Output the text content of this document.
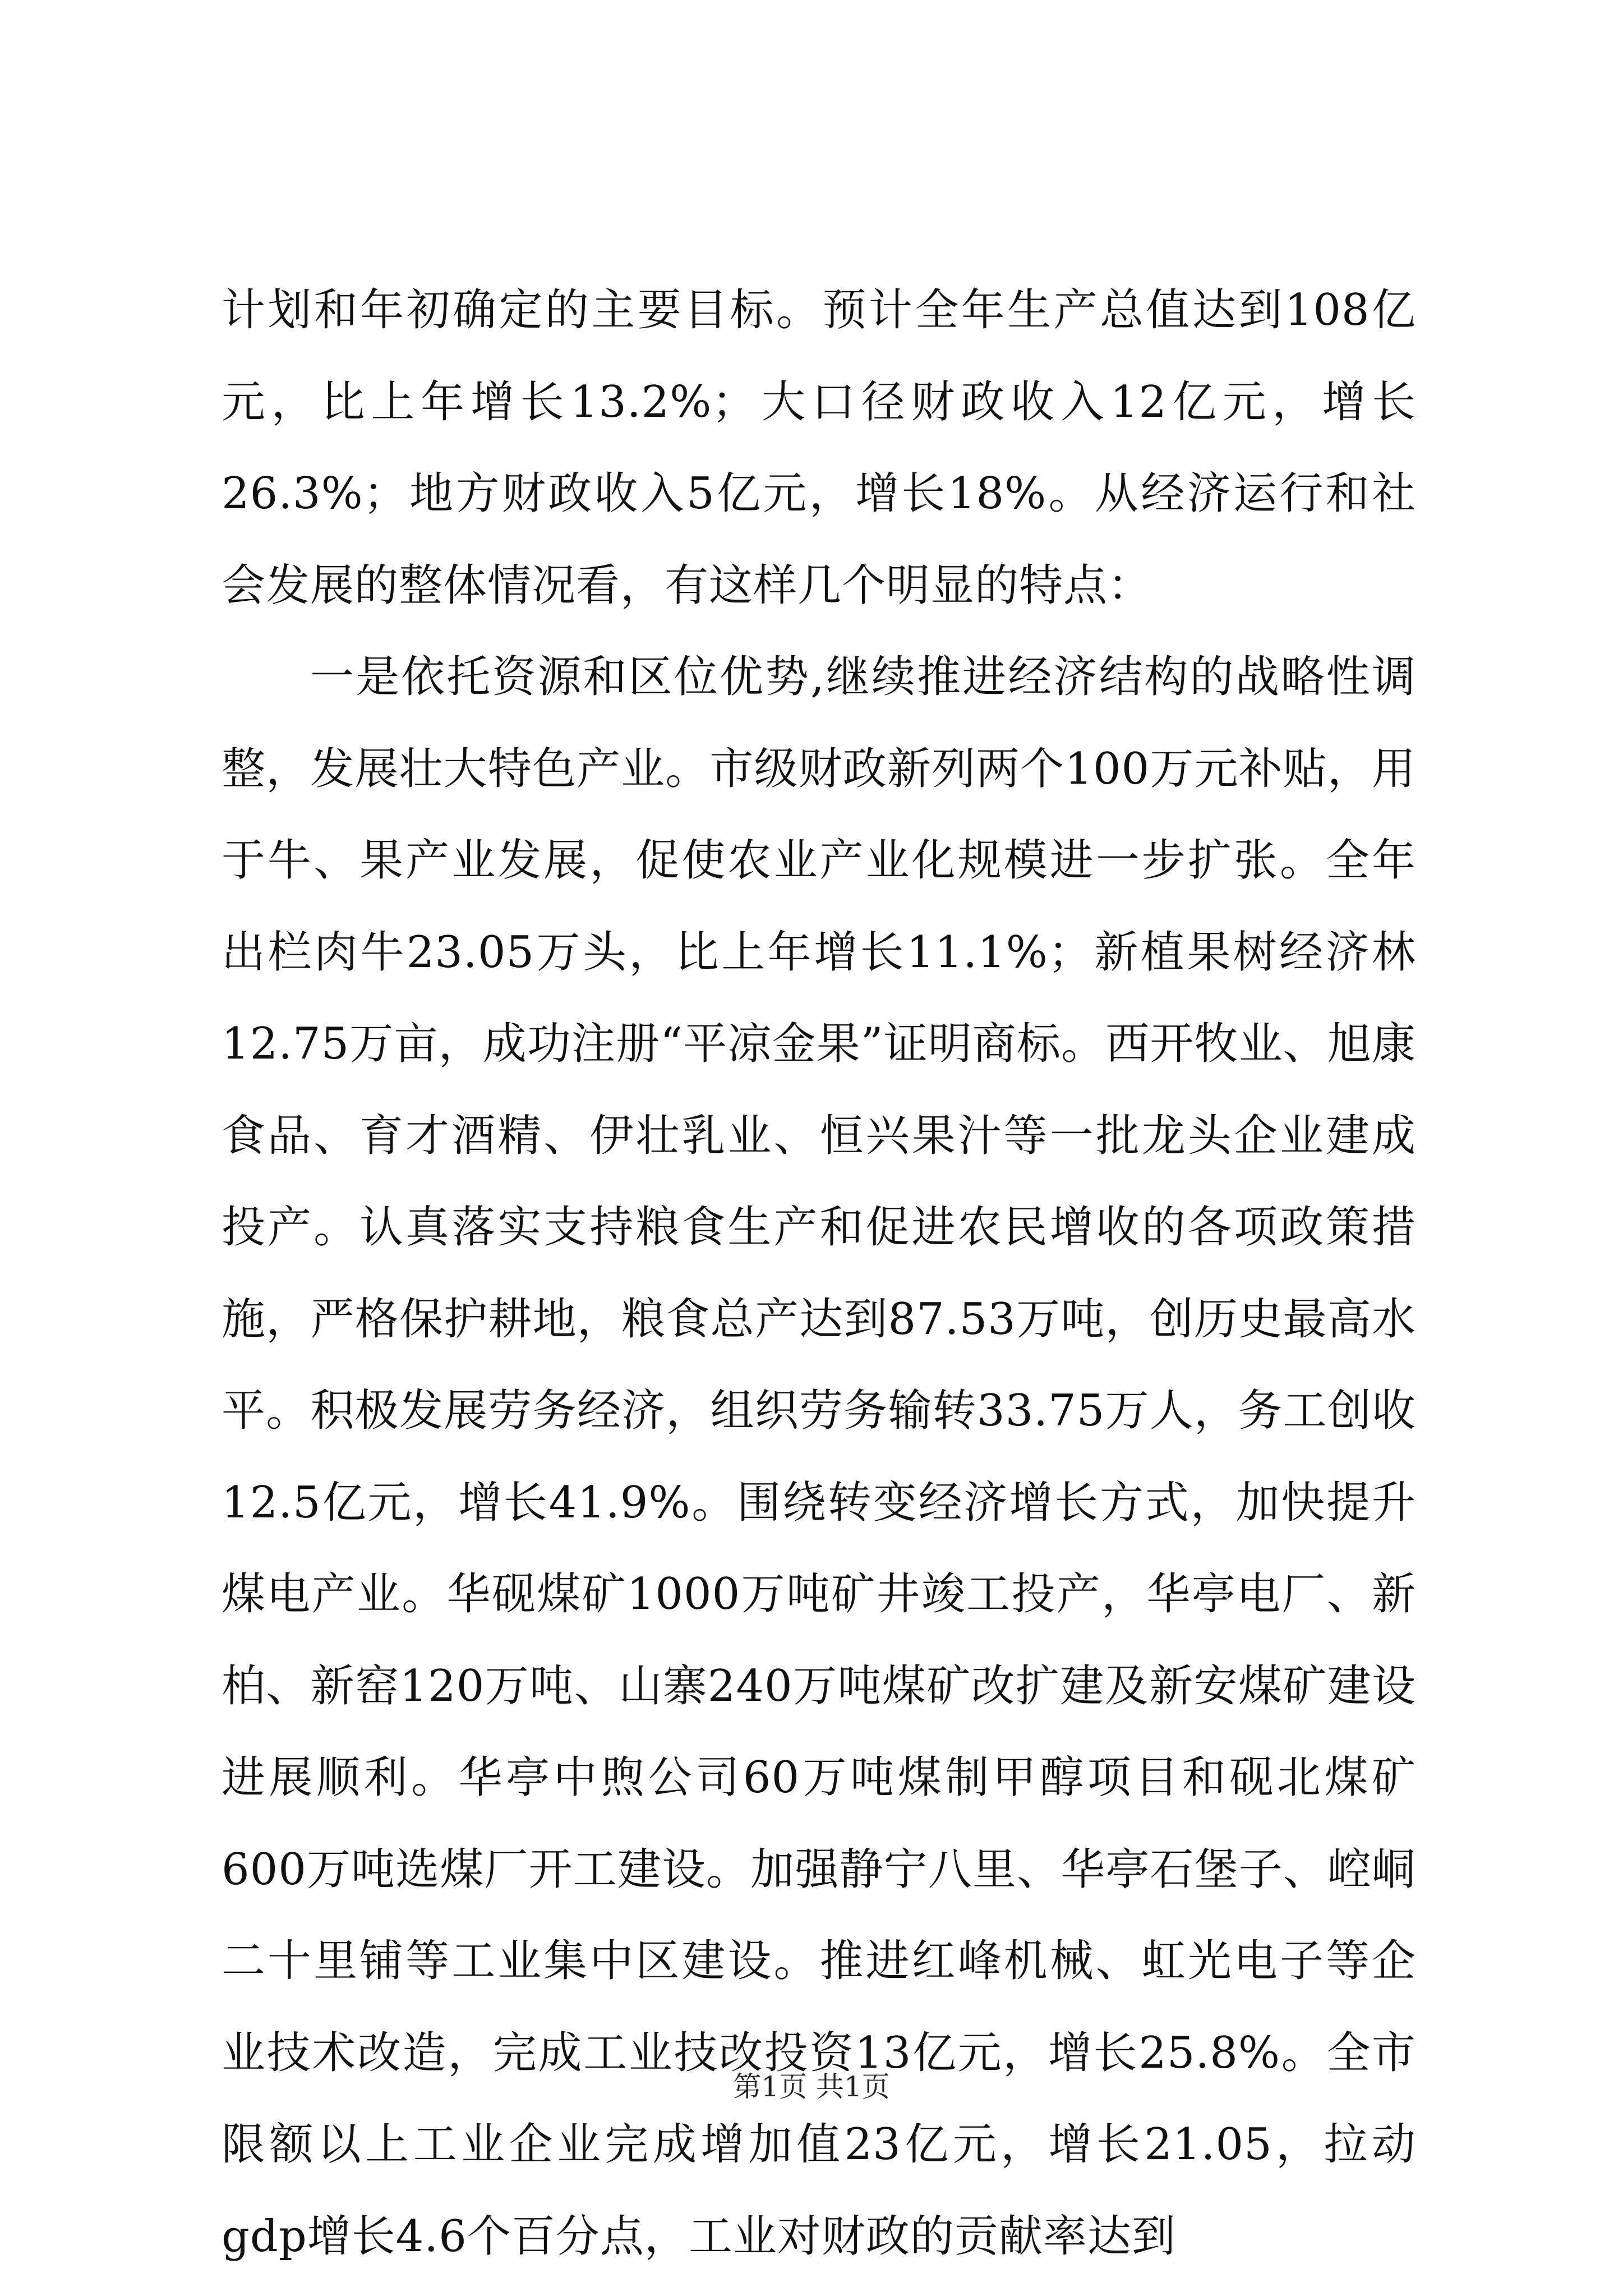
计划和年初确定的主要目标。预计全年生产总值达到108亿元，比上年增长13.2%；大口径财政收入12亿元，增长26.3%；地方财政收入5亿元，增长18%。从经济运行和社会发展的整体情况看，有这样几个明显的特点：

一是依托资源和区位优势,继续推进经济结构的战略性调整，发展壮大特色产业。市级财政新列两个100万元补贴，用于牛、果产业发展，促使农业产业化规模进一步扩张。全年出栏肉牛23.05万头，比上年增长11.1%；新植果树经济林12.75万亩，成功注册“平凉金果”证明商标。西开牧业、旭康食品、育才酒精、伊壮乳业、恒兴果汁等一批龙头企业建成投产。认真落实支持粮食生产和促进农民增收的各项政策措施，严格保护耕地，粮食总产达到87.53万吨，创历史最高水平。积极发展劳务经济，组织劳务输转33.75万人，务工创收12.5亿元，增长41.9%。围绕转变经济增长方式，加快提升煤电产业。华砚煤矿1000万吨矿井竣工投产，华亭电厂、新柏、新窑120万吨、山寨240万吨煤矿改扩建及新安煤矿建设进展顺利。华亭中煦公司60万吨煤制甲醇项目和砚北煤矿600万吨选煤厂开工建设。加强静宁八里、华亭石堡子、崆峒二十里铺等工业集中区建设。推进红峰机械、虹光电子等企业技术改造，完成工业技改投资13亿元，增长25.8%。全市限额以上工业企业完成增加值23亿元，增长21.05，拉动gdp增长4.6个百分点，工业对财政的贡献率达到

第1页 共1页
